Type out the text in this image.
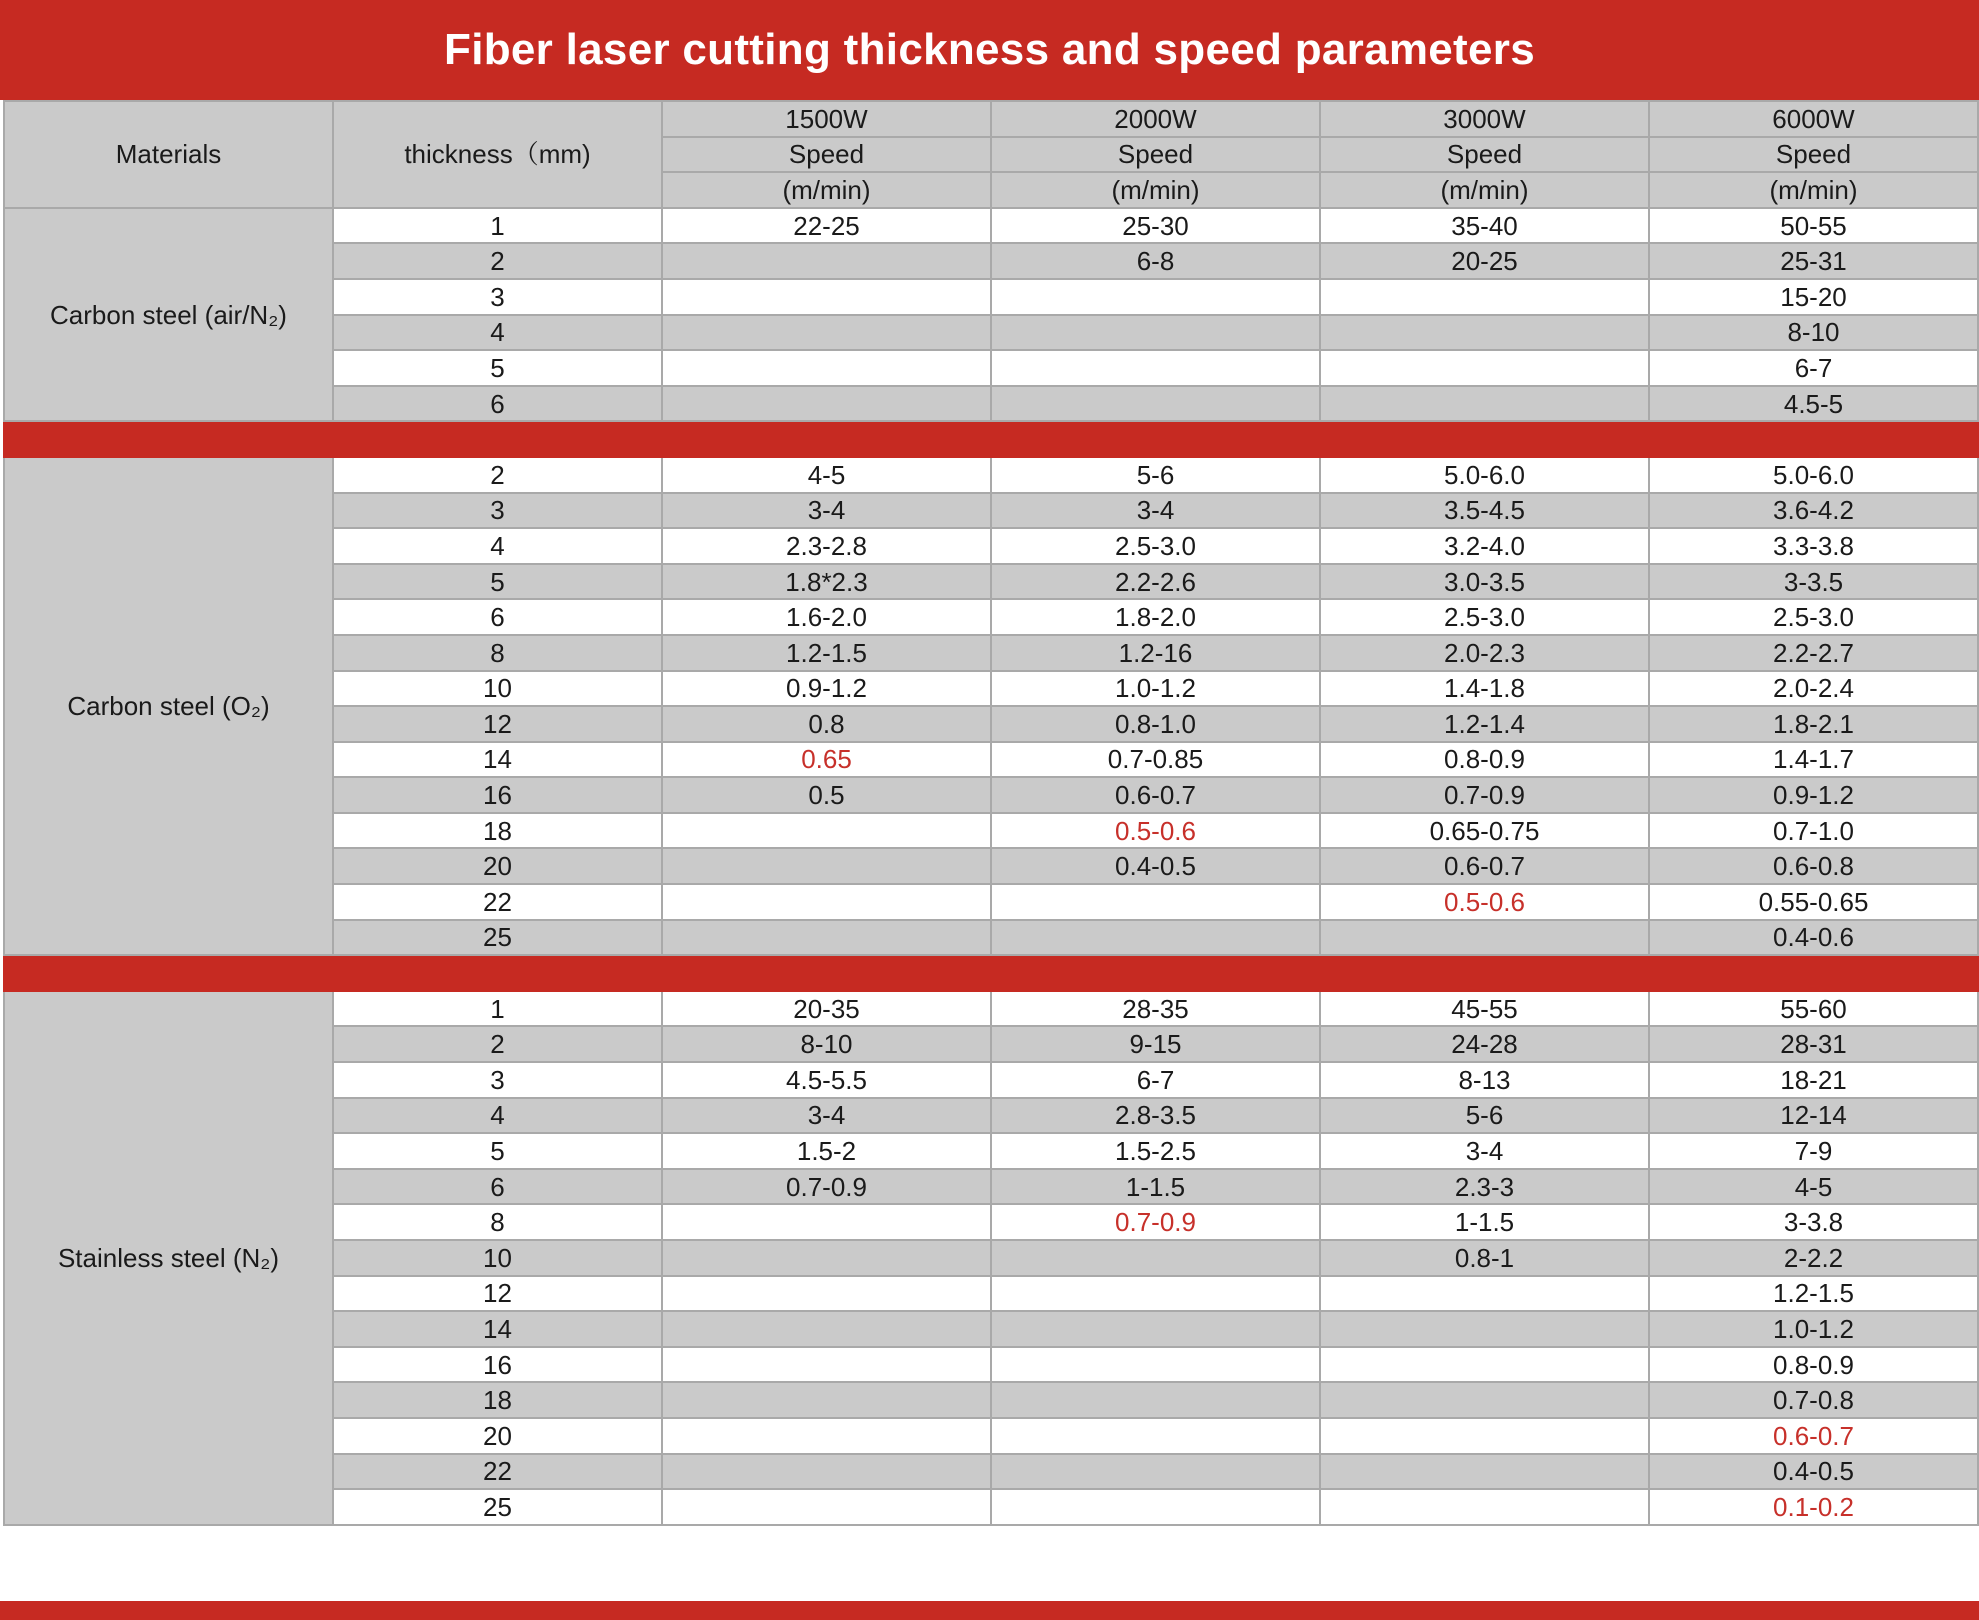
Fiber laser cutting thickness and speed parameters
Materials	thickness（mm)	1500W	2000W	3000W	6000W
		Speed	Speed	Speed	Speed
		(m/min)	(m/min)	(m/min)	(m/min)
Carbon steel (air/N₂)	1	22-25	25-30	35-40	50-55
	2		6-8	20-25	25-31
	3				15-20
	4				8-10
	5				6-7
	6				4.5-5

Carbon steel (O₂)	2	4-5	5-6	5.0-6.0	5.0-6.0
	3	3-4	3-4	3.5-4.5	3.6-4.2
	4	2.3-2.8	2.5-3.0	3.2-4.0	3.3-3.8
	5	1.8*2.3	2.2-2.6	3.0-3.5	3-3.5
	6	1.6-2.0	1.8-2.0	2.5-3.0	2.5-3.0
	8	1.2-1.5	1.2-16	2.0-2.3	2.2-2.7
	10	0.9-1.2	1.0-1.2	1.4-1.8	2.0-2.4
	12	0.8	0.8-1.0	1.2-1.4	1.8-2.1
	14	0.65	0.7-0.85	0.8-0.9	1.4-1.7
	16	0.5	0.6-0.7	0.7-0.9	0.9-1.2
	18		0.5-0.6	0.65-0.75	0.7-1.0
	20		0.4-0.5	0.6-0.7	0.6-0.8
	22			0.5-0.6	0.55-0.65
	25				0.4-0.6

Stainless steel (N₂)	1	20-35	28-35	45-55	55-60
	2	8-10	9-15	24-28	28-31
	3	4.5-5.5	6-7	8-13	18-21
	4	3-4	2.8-3.5	5-6	12-14
	5	1.5-2	1.5-2.5	3-4	7-9
	6	0.7-0.9	1-1.5	2.3-3	4-5
	8		0.7-0.9	1-1.5	3-3.8
	10			0.8-1	2-2.2
	12				1.2-1.5
	14				1.0-1.2
	16				0.8-0.9
	18				0.7-0.8
	20				0.6-0.7
	22				0.4-0.5
	25				0.1-0.2
